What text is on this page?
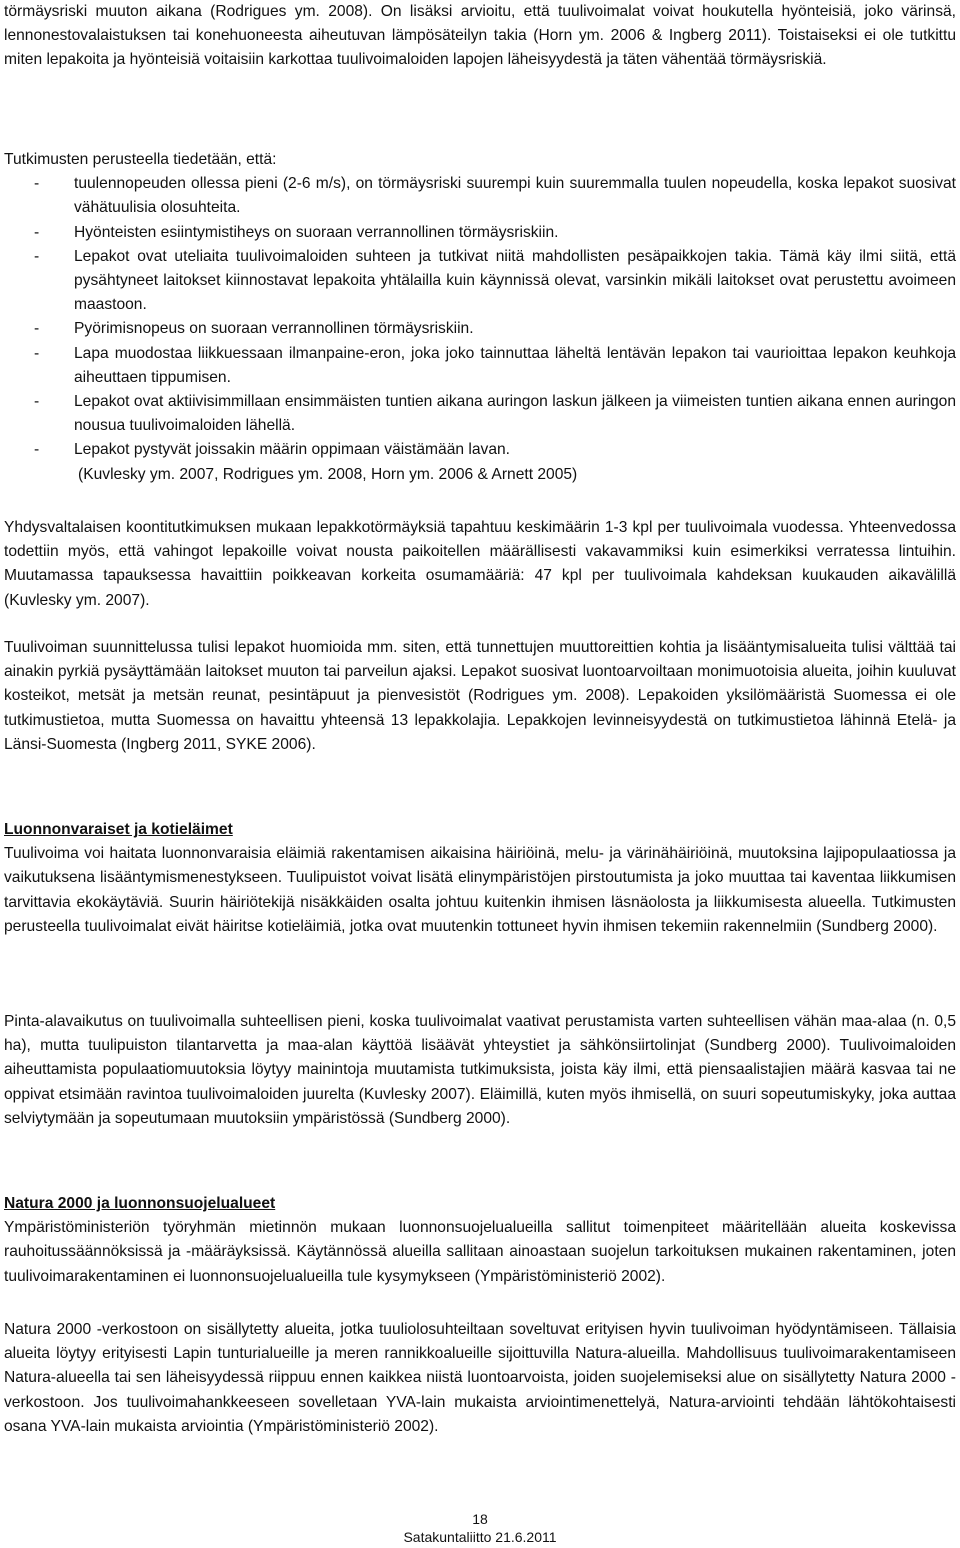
törmäysriski muuton aikana (Rodrigues ym. 2008). On lisäksi arvioitu, että tuulivoimalat voivat houkutella hyönteisiä, joko värinsä, lennonestovalaistuksen tai konehuoneesta aiheutuvan lämpösäteilyn takia (Horn ym. 2006 & Ingberg 2011). Toistaiseksi ei ole tutkittu miten lepakoita ja hyönteisiä voitaisiin karkottaa tuulivoimaloiden lapojen läheisyydestä ja täten vähentää törmäysriskiä.

Tutkimusten perusteella tiedetään, että:

- tuulennopeuden ollessa pieni (2-6 m/s), on törmäysriski suurempi kuin suuremmalla tuulen nopeudella, koska lepakot suosivat vähätuulisia olosuhteita.
- Hyönteisten esiintymistiheys on suoraan verrannollinen törmäysriskiin.
- Lepakot ovat uteliaita tuulivoimaloiden suhteen ja tutkivat niitä mahdollisten pesäpaikkojen takia. Tämä käy ilmi siitä, että pysähtyneet laitokset kiinnostavat lepakoita yhtälailla kuin käynnissä olevat, varsinkin mikäli laitokset ovat perustettu avoimeen maastoon.
- Pyörimisnopeus on suoraan verrannollinen törmäysriskiin.
- Lapa muodostaa liikkuessaan ilmanpaine-eron, joka joko tainnuttaa läheltä lentävän lepakon tai vaurioittaa lepakon keuhkoja aiheuttaen tippumisen.
- Lepakot ovat aktiivisimmillaan ensimmäisten tuntien aikana auringon laskun jälkeen ja viimeisten tuntien aikana ennen auringon nousua tuulivoimaloiden lähellä.
- Lepakot pystyvät joissakin määrin oppimaan väistämään lavan.

(Kuvlesky ym. 2007, Rodrigues ym. 2008, Horn ym. 2006 & Arnett 2005)

Yhdysvaltalaisen koontitutkimuksen mukaan lepakkotörmäyksiä tapahtuu keskimäärin 1-3 kpl per tuulivoimala vuodessa. Yhteenvedossa todettiin myös, että vahingot lepakoille voivat nousta paikoitellen määrällisesti vakavammiksi kuin esimerkiksi verratessa lintuihin. Muutamassa tapauksessa havaittiin poikkeavan korkeita osumamääriä: 47 kpl per tuulivoimala kahdeksan kuukauden aikavälillä (Kuvlesky ym. 2007).

Tuulivoiman suunnittelussa tulisi lepakot huomioida mm. siten, että tunnettujen muuttoreittien kohtia ja lisääntymisalueita tulisi välttää tai ainakin pyrkiä pysäyttämään laitokset muuton tai parveilun ajaksi. Lepakot suosivat luontoarvoiltaan monimuotoisia alueita, joihin kuuluvat kosteikot, metsät ja metsän reunat, pesintäpuut ja pienvesistöt (Rodrigues ym. 2008). Lepakoiden yksilömääristä Suomessa ei ole tutkimustietoa, mutta Suomessa on havaittu yhteensä 13 lepakkolajia. Lepakkojen levinneisyydestä on tutkimustietoa lähinnä Etelä- ja Länsi-Suomesta (Ingberg 2011, SYKE 2006).

Luonnonvaraiset ja kotieläimet

Tuulivoima voi haitata luonnonvaraisia eläimiä rakentamisen aikaisina häiriöinä, melu- ja värinähäiriöinä, muutoksina lajipopulaatiossa ja vaikutuksena lisääntymismenestykseen. Tuulipuistot voivat lisätä elinympäristöjen pirstoutumista ja joko muuttaa tai kaventaa liikkumisen tarvittavia ekokäytäviä. Suurin häiriötekijä nisäkkäiden osalta johtuu kuitenkin ihmisen läsnäolosta ja liikkumisesta alueella. Tutkimusten perusteella tuulivoimalat eivät häiritse kotieläimiä, jotka ovat muutenkin tottuneet hyvin ihmisen tekemiin rakennelmiin (Sundberg 2000).

Pinta-alavaikutus on tuulivoimalla suhteellisen pieni, koska tuulivoimalat vaativat perustamista varten suhteellisen vähän maa-alaa (n. 0,5 ha), mutta tuulipuiston tilantarvetta ja maa-alan käyttöä lisäävät yhteystiet ja sähkönsiirtolinjat (Sundberg 2000). Tuulivoimaloiden aiheuttamista populaatiomuutoksia löytyy mainintoja muutamista tutkimuksista, joista käy ilmi, että piensaalistajien määrä kasvaa tai ne oppivat etsimään ravintoa tuulivoimaloiden juurelta (Kuvlesky 2007). Eläimillä, kuten myös ihmisellä, on suuri sopeutumiskyky, joka auttaa selviytymään ja sopeutumaan muutoksiin ympäristössä (Sundberg 2000).

Natura 2000 ja luonnonsuojelualueet

Ympäristöministeriön työryhmän mietinnön mukaan luonnonsuojelualueilla sallitut toimenpiteet määritellään alueita koskevissa rauhoitussäännöksissä ja -määräyksissä. Käytännössä alueilla sallitaan ainoastaan suojelun tarkoituksen mukainen rakentaminen, joten tuulivoimarakentaminen ei luonnonsuojelualueilla tule kysymykseen (Ympäristöministeriö 2002).

Natura 2000 -verkostoon on sisällytetty alueita, jotka tuuliolosuhteiltaan soveltuvat erityisen hyvin tuulivoiman hyödyntämiseen. Tällaisia alueita löytyy erityisesti Lapin tunturialueille ja meren rannikkoalueille sijoittuvilla Natura-alueilla. Mahdollisuus tuulivoimarakentamiseen Natura-alueella tai sen läheisyydessä riippuu ennen kaikkea niistä luontoarvoista, joiden suojelemiseksi alue on sisällytetty Natura 2000 -verkostoon. Jos tuulivoimahankkeeseen sovelletaan YVA-lain mukaista arviointimenettelyä, Natura-arviointi tehdään lähtökohtaisesti osana YVA-lain mukaista arviointia (Ympäristöministeriö 2002).

18
Satakuntaliitto 21.6.2011
